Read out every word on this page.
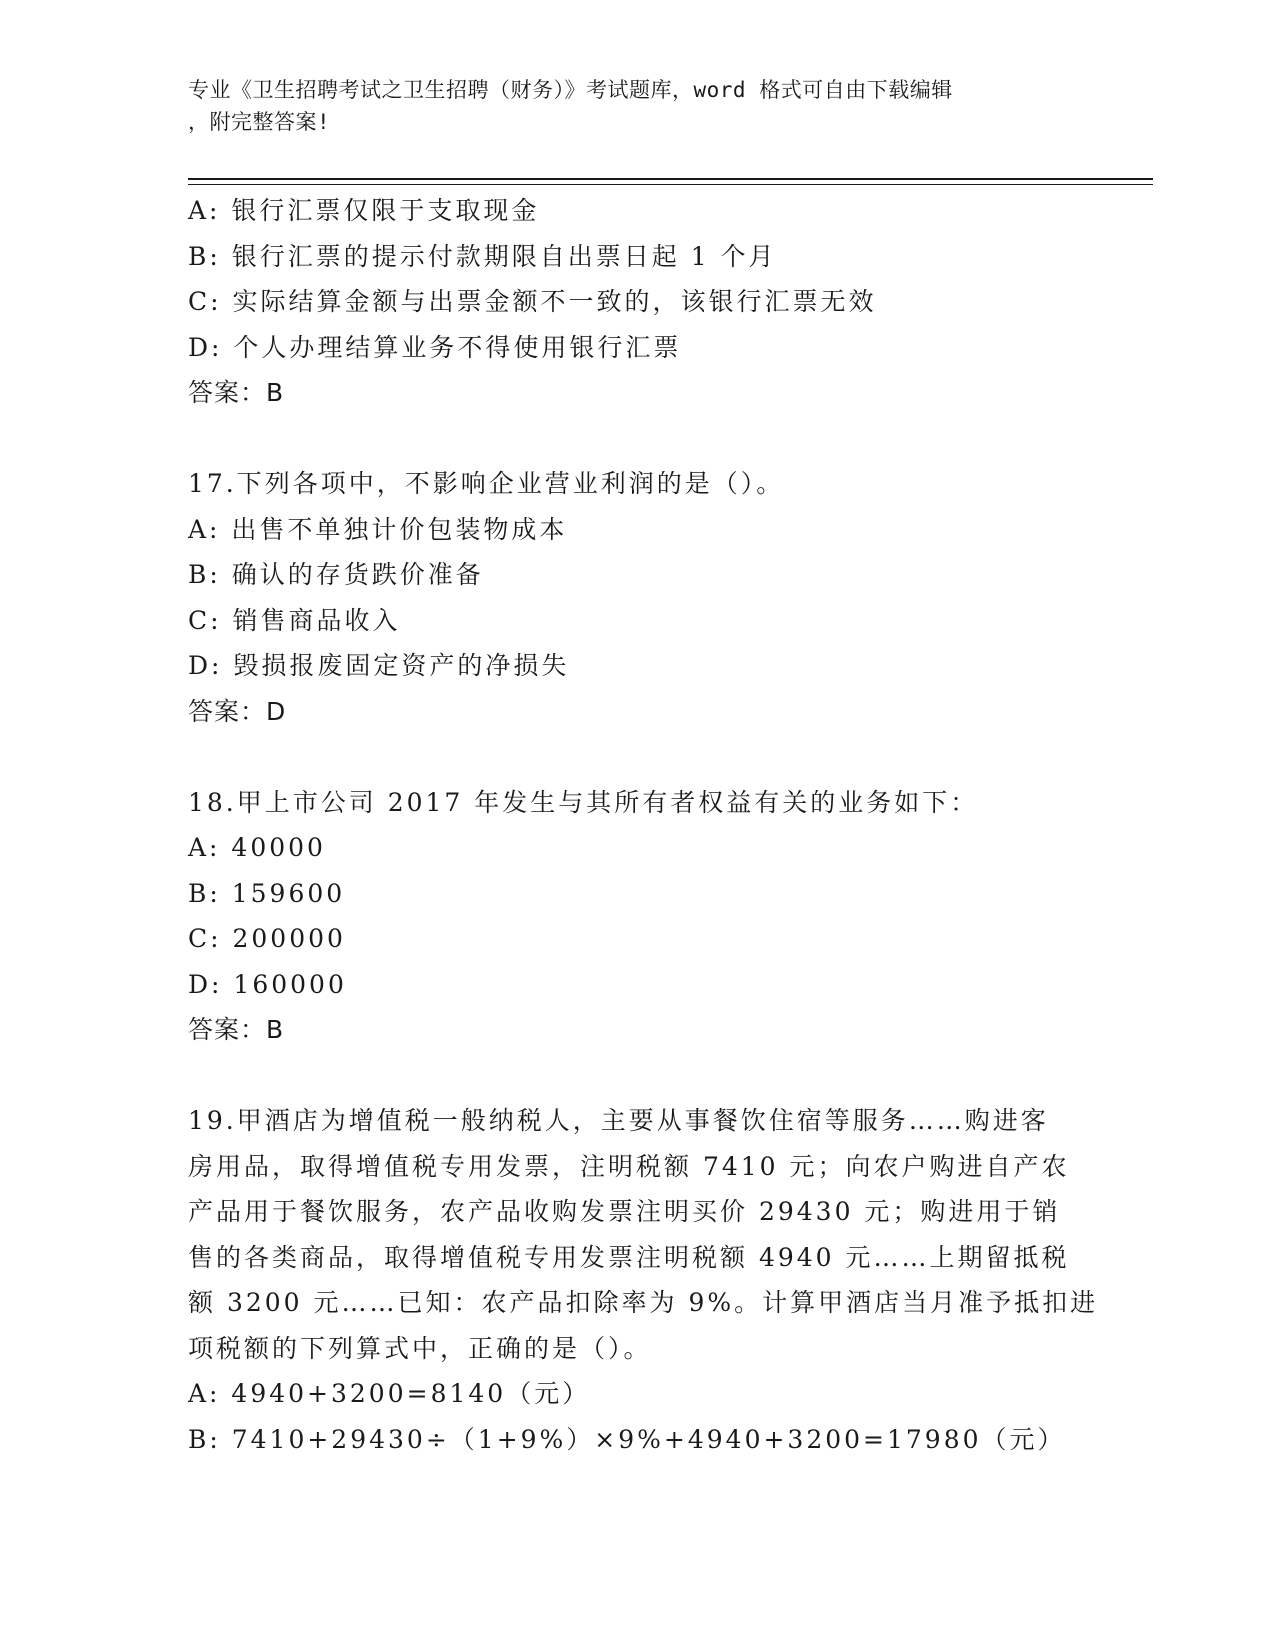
专业《卫生招聘考试之卫生招聘（财务）》考试题库，word 格式可自由下载编辑
，附完整答案!
A: 银行汇票仅限于支取现金
B: 银行汇票的提示付款期限自出票日起 1 个月
C: 实际结算金额与出票金额不一致的，该银行汇票无效
D: 个人办理结算业务不得使用银行汇票
答案：B
17.下列各项中，不影响企业营业利润的是（）。
A: 出售不单独计价包装物成本
B: 确认的存货跌价准备
C: 销售商品收入
D: 毁损报废固定资产的净损失
答案：D
18.甲上市公司 2017 年发生与其所有者权益有关的业务如下：
A: 40000
B: 159600
C: 200000
D: 160000
答案：B
19.甲酒店为增值税一般纳税人，主要从事餐饮住宿等服务……购进客
房用品，取得增值税专用发票，注明税额 7410 元；向农户购进自产农
产品用于餐饮服务，农产品收购发票注明买价 29430 元；购进用于销
售的各类商品，取得增值税专用发票注明税额 4940 元……上期留抵税
额 3200 元……已知：农产品扣除率为 9%。计算甲酒店当月准予抵扣进
项税额的下列算式中，正确的是（）。
A: 4940+3200=8140（元）
B: 7410+29430÷（1+9%）×9%+4940+3200=17980（元）
